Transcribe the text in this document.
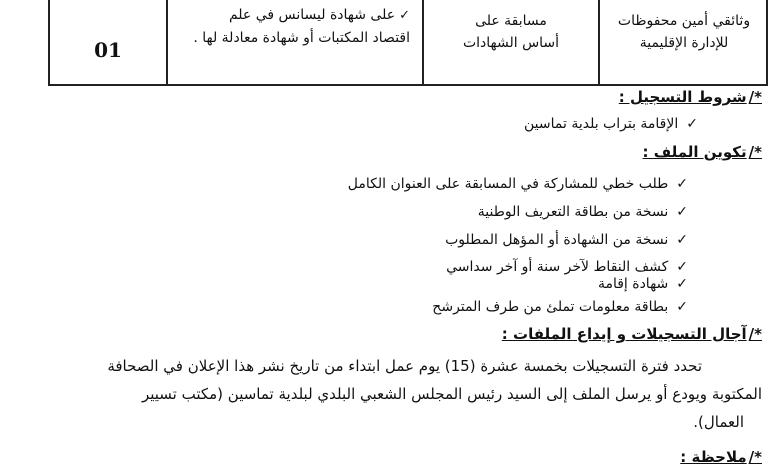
01
✓على شهادة ليسانس في علم
اقتصاد المكتبات أو شهادة معادلة لها .
مسابقة على
أساس الشهادات
وثائقي أمين محفوظات
للإدارة الإقليمية
*/شروط التسجيل :
✓الإقامة بتراب بلدية تماسين
*/تكوين الملف :
✓طلب خطي للمشاركة في المسابقة على العنوان الكامل
✓نسخة من بطاقة التعريف الوطنية
✓نسخة من الشهادة أو المؤهل المطلوب
✓كشف النقاط لآخر سنة أو آخر سداسي
✓شهادة إقامة
✓بطاقة معلومات تملئ من طرف المترشح
*/آجال التسجيلات و إيداع الملفات :
تحدد فترة التسجيلات بخمسة عشرة (15) يوم عمل ابتداء من تاريخ نشر هذا الإعلان في الصحافة
المكتوبة ويودع أو يرسل الملف إلى السيد رئيس المجلس الشعبي البلدي لبلدية تماسين (مكتب تسيير
العمال).
*/ملاحظة :
